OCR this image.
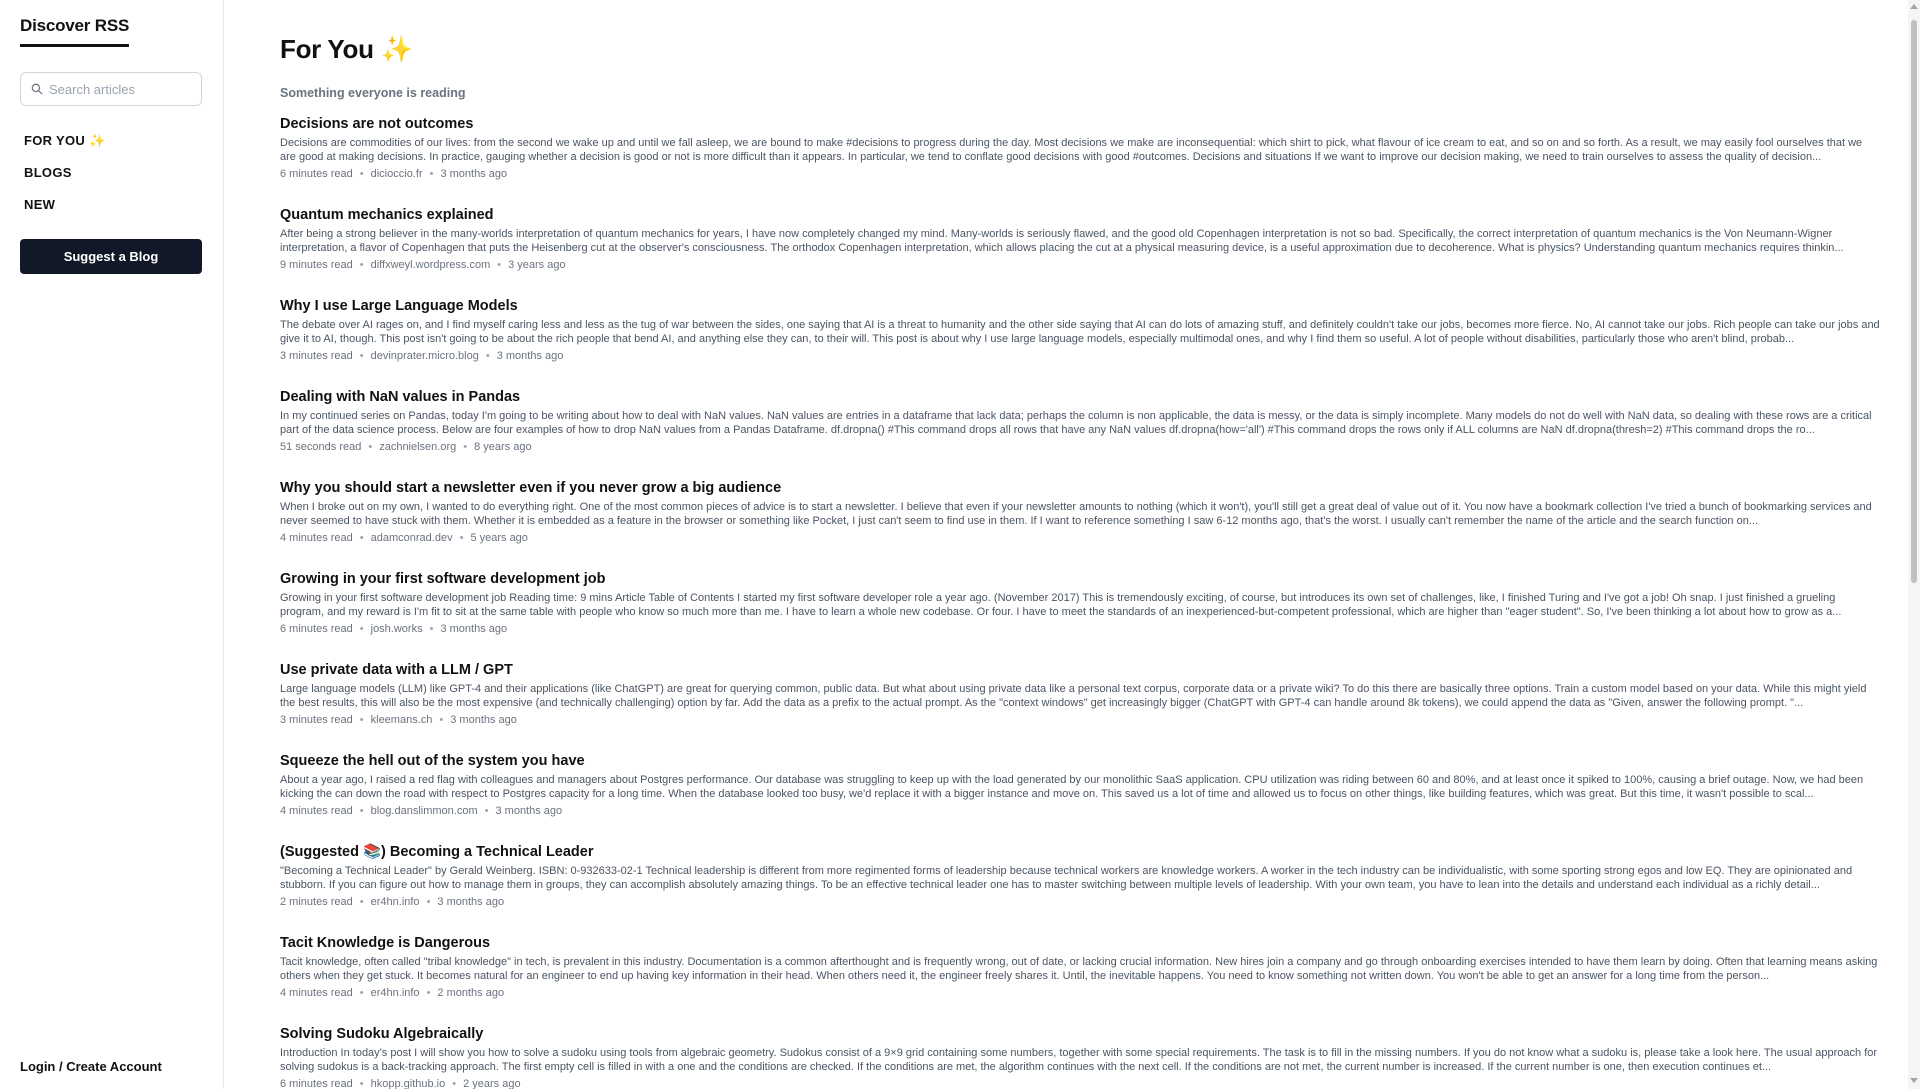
Discover RSS
Search articles
FOR YOU ✨
BLOGS
NEW
Suggest a Blog
Login / Create Account
For You ✨
Something everyone is reading
Decisions are not outcomes
Decisions are commodities of our lives: from the second we wake up and until we fall asleep, we are bound to make #decisions to progress during the day. Most decisions we make are inconsequential: which shirt to pick, what flavour of ice cream to eat, and so on and so forth. As a result, we may easily fool ourselves that we are good at making decisions. In practice, gauging whether a decision is good or not is more difficult than it appears. In particular, we tend to conflate good decisions with good #outcomes. Decisions and situations If we want to improve our decision making, we need to train ourselves to assess the quality of decision...
6 minutes read • dicioccio.fr • 3 months ago
Quantum mechanics explained
After being a strong believer in the many-worlds interpretation of quantum mechanics for years, I have now completely changed my mind. Many-worlds is seriously flawed, and the good old Copenhagen interpretation is not so bad. Specifically, the correct interpretation of quantum mechanics is the Von Neumann-Wigner interpretation, a flavor of Copenhagen that puts the Heisenberg cut at the observer's consciousness. The orthodox Copenhagen interpretation, which allows placing the cut at a physical measuring device, is a useful approximation due to decoherence. What is physics? Understanding quantum mechanics requires thinkin...
9 minutes read • diffxweyl.wordpress.com • 3 years ago
Why I use Large Language Models
The debate over AI rages on, and I find myself caring less and less as the tug of war between the sides, one saying that AI is a threat to humanity and the other side saying that AI can do lots of amazing stuff, and definitely couldn't take our jobs, becomes more fierce. No, AI cannot take our jobs. Rich people can take our jobs and give it to AI, though. This post isn't going to be about the rich people that bend AI, and anything else they can, to their will. This post is about why I use large language models, especially multimodal ones, and why I find them so useful. A lot of people without disabilities, particularly those who aren't blind, probab...
3 minutes read • devinprater.micro.blog • 3 months ago
Dealing with NaN values in Pandas
In my continued series on Pandas, today I'm going to be writing about how to deal with NaN values. NaN values are entries in a dataframe that lack data; perhaps the column is non applicable, the data is messy, or the data is simply incomplete. Many models do not do well with NaN data, so dealing with these rows are a critical part of the data science process. Below are four examples of how to drop NaN values from a Pandas Dataframe. df.dropna() #This command drops all rows that have any NaN values df.dropna(how='all') #This command drops the rows only if ALL columns are NaN df.dropna(thresh=2) #This command drops the ro...
51 seconds read • zachnielsen.org • 8 years ago
Why you should start a newsletter even if you never grow a big audience
When I broke out on my own, I wanted to do everything right. One of the most common pieces of advice is to start a newsletter. I believe that even if your newsletter amounts to nothing (which it won't), you'll still get a great deal of value out of it. You now have a bookmark collection I've tried a bunch of bookmarking services and never seemed to have stuck with them. Whether it is embedded as a feature in the browser or something like Pocket, I just can't seem to find use in them. If I want to reference something I saw 6-12 months ago, that's the worst. I usually can't remember the name of the article and the search function on...
4 minutes read • adamconrad.dev • 5 years ago
Growing in your first software development job
Growing in your first software development job Reading time: 9 mins Article Table of Contents I started my first software developer role a year ago. (November 2017) This is tremendously exciting, of course, but introduces its own set of challenges, like, I finished Turing and I've got a job! Oh snap. I just finished a grueling program, and my reward is I'm fit to sit at the same table with people who know so much more than me. I have to learn a whole new codebase. Or four. I have to meet the standards of an inexperienced-but-competent professional, which are higher than "eager student". So, I've been thinking a lot about how to grow as a...
6 minutes read • josh.works • 3 months ago
Use private data with a LLM / GPT
Large language models (LLM) like GPT-4 and their applications (like ChatGPT) are great for querying common, public data. But what about using private data like a personal text corpus, corporate data or a private wiki? To do this there are basically three options. Train a custom model based on your data. While this might yield the best results, this will also be the most expensive (and technically challenging) option by far. Add the data as a prefix to the actual prompt. As the "context windows" get increasingly bigger (ChatGPT with GPT-4 can handle around 8k tokens), we could append the data as "Given, answer the following prompt. "...
3 minutes read • kleemans.ch • 3 months ago
Squeeze the hell out of the system you have
About a year ago, I raised a red flag with colleagues and managers about Postgres performance. Our database was struggling to keep up with the load generated by our monolithic SaaS application. CPU utilization was riding between 60 and 80%, and at least once it spiked to 100%, causing a brief outage. Now, we had been kicking the can down the road with respect to Postgres capacity for a long time. When the database looked too busy, we'd replace it with a bigger instance and move on. This saved us a lot of time and allowed us to focus on other things, like building features, which was great. But this time, it wasn't possible to scal...
4 minutes read • blog.danslimmon.com • 3 months ago
(Suggested 📚) Becoming a Technical Leader
"Becoming a Technical Leader" by Gerald Weinberg. ISBN: 0-932633-02-1 Technical leadership is different from more regimented forms of leadership because technical workers are knowledge workers. A worker in the tech industry can be individualistic, with some sporting strong egos and low EQ. They are opinionated and stubborn. If you can figure out how to manage them in groups, they can accomplish absolutely amazing things. To be an effective technical leader one has to master switching between multiple levels of leadership. With your own team, you have to lean into the details and understand each individual as a richly detail...
2 minutes read • er4hn.info • 3 months ago
Tacit Knowledge is Dangerous
Tacit knowledge, often called "tribal knowledge" in tech, is prevalent in this industry. Documentation is a common afterthought and is frequently wrong, out of date, or lacking crucial information. New hires join a company and go through onboarding exercises intended to have them learn by doing. Often that learning means asking others when they get stuck. It becomes natural for an engineer to end up having key information in their head. When others need it, the engineer freely shares it. Until, the inevitable happens. You need to know something not written down. You won't be able to get an answer for a long time from the person...
4 minutes read • er4hn.info • 2 months ago
Solving Sudoku Algebraically
Introduction In today's post I will show you how to solve a sudoku using tools from algebraic geometry. Sudokus consist of a 9×9 grid containing some numbers, together with some special requirements. The task is to fill in the missing numbers. If you do not know what a sudoku is, please take a look here. The usual approach for solving sudokus is a back-tracking approach. The first empty cell is filled in with a one and the conditions are checked. If the conditions are met, the algorithm continues with the next cell. If the conditions are not met, the current number is increased. If the current number is one, then execution continues et...
6 minutes read • hkopp.github.io • 2 years ago
